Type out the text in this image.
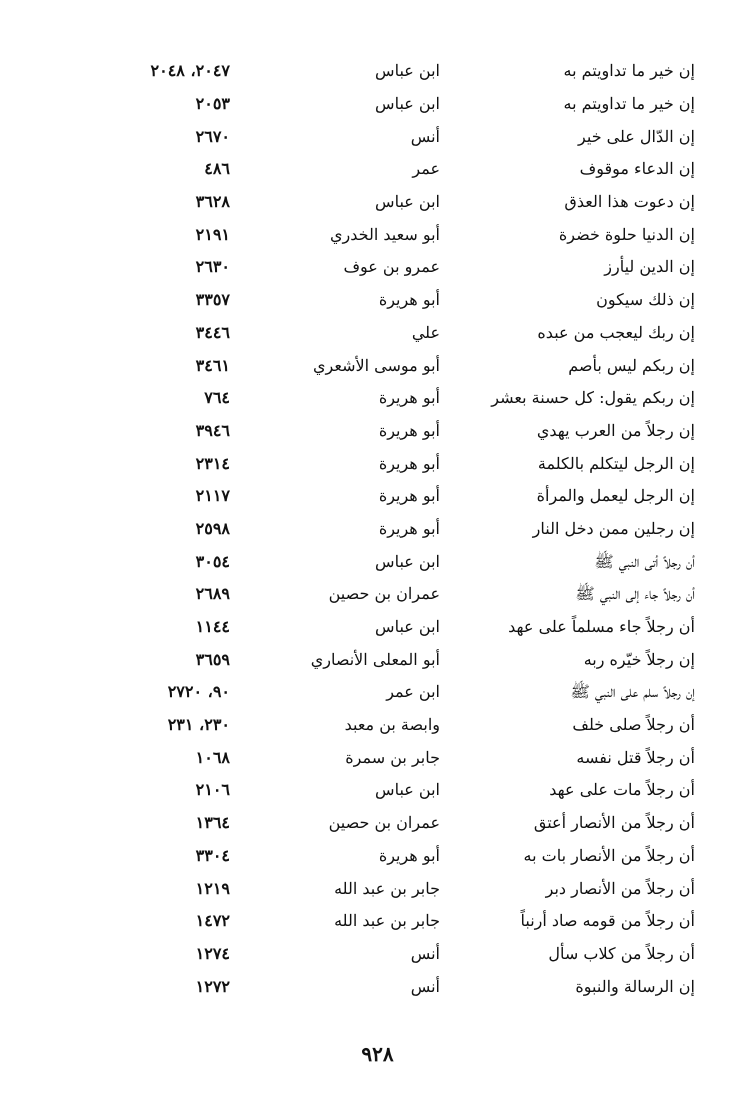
إن خير ما تداويتم به
ابن عباس
٢٠٤٧، ٢٠٤٨
إن خير ما تداويتم به
ابن عباس
٢٠٥٣
إن الدّال على خير
أنس
٢٦٧٠
إن الدعاء موقوف
عمر
٤٨٦
إن دعوت هذا العذق
ابن عباس
٣٦٢٨
إن الدنيا حلوة خضرة
أبو سعيد الخدري
٢١٩١
إن الدين ليأرز
عمرو بن عوف
٢٦٣٠
إن ذلك سيكون
أبو هريرة
٣٣٥٧
إن ربك ليعجب من عبده
علي
٣٤٤٦
إن ربكم ليس بأصم
أبو موسى الأشعري
٣٤٦١
إن ربكم يقول: كل حسنة بعشر
أبو هريرة
٧٦٤
إن رجلاً من العرب يهدي
أبو هريرة
٣٩٤٦
إن الرجل ليتكلم بالكلمة
أبو هريرة
٢٣١٤
إن الرجل ليعمل والمرأة
أبو هريرة
٢١١٧
إن رجلين ممن دخل النار
أبو هريرة
٢٥٩٨
أن رجلاً أتى النبي ﷺ
ابن عباس
٣٠٥٤
أن رجلاً جاء إلى النبي ﷺ
عمران بن حصين
٢٦٨٩
أن رجلاً جاء مسلماً على عهد
ابن عباس
١١٤٤
إن رجلاً خيّره ربه
أبو المعلى الأنصاري
٣٦٥٩
إن رجلاً سلم على النبي ﷺ
ابن عمر
٩٠، ٢٧٢٠
أن رجلاً صلى خلف
وابصة بن معبد
٢٣٠، ٢٣١
أن رجلاً قتل نفسه
جابر بن سمرة
١٠٦٨
أن رجلاً مات على عهد
ابن عباس
٢١٠٦
أن رجلاً من الأنصار أعتق
عمران بن حصين
١٣٦٤
أن رجلاً من الأنصار بات به
أبو هريرة
٣٣٠٤
أن رجلاً من الأنصار دبر
جابر بن عبد الله
١٢١٩
أن رجلاً من قومه صاد أرنباً
جابر بن عبد الله
١٤٧٢
أن رجلاً من كلاب سأل
أنس
١٢٧٤
إن الرسالة والنبوة
أنس
١٢٧٢
٩٢٨
